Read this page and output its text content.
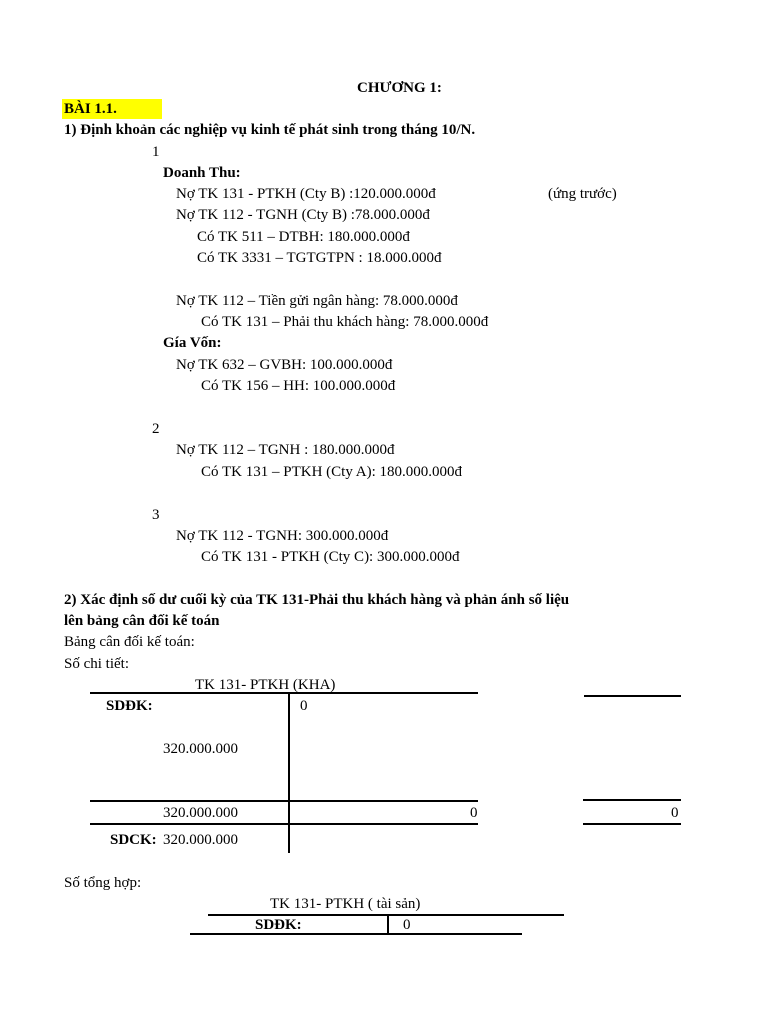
CHƯƠNG 1:
BÀI 1.1.
1) Định khoản các nghiệp vụ kinh tế phát sinh trong tháng 10/N.
1
Doanh Thu:
Nợ TK 131 - PTKH (Cty B) :120.000.000đ	(ứng trước)
Nợ TK 112 - TGNH (Cty B) :78.000.000đ
Có TK 511 – DTBH: 180.000.000đ
Có TK 3331 – TGTGTPN : 18.000.000đ
Nợ TK 112 – Tiền gửi ngân hàng: 78.000.000đ
Có TK 131 – Phải thu khách hàng: 78.000.000đ
Gía Vốn:
Nợ TK 632 – GVBH: 100.000.000đ
Có TK 156 – HH: 100.000.000đ
2
Nợ TK 112 – TGNH : 180.000.000đ
Có TK 131 – PTKH (Cty A): 180.000.000đ
3
Nợ TK 112 - TGNH: 300.000.000đ
Có TK 131 - PTKH (Cty C): 300.000.000đ
2) Xác định số dư cuối kỳ của TK 131-Phải thu khách hàng và phản ánh số liệu
lên bảng cân đối kế toán
Bảng cân đối kế toán:
Số chi tiết:
TK 131- PTKH (KHA)
SDĐK:	0
320.000.000
320.000.000	0	0
SDCK: 320.000.000
Số tổng hợp:
TK 131- PTKH ( tài sản)
SDĐK:	0
